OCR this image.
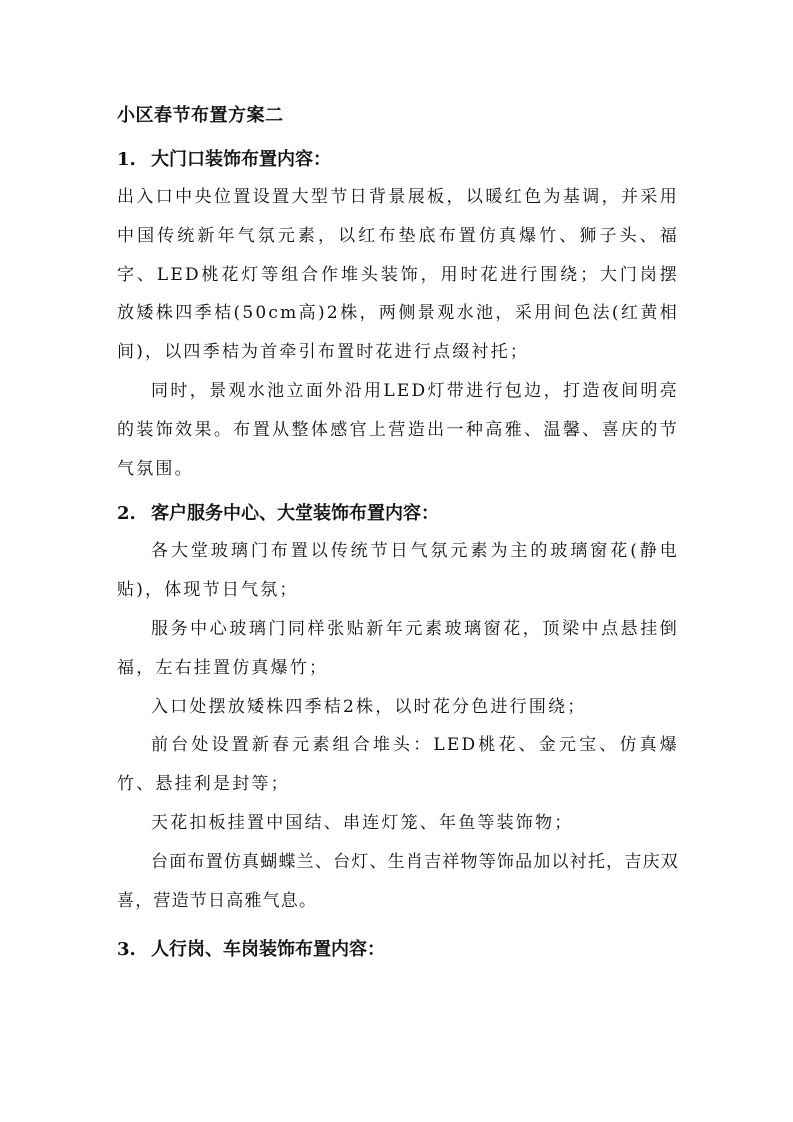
小区春节布置方案二
1. 大门口装饰布置内容：

出入口中央位置设置大型节日背景展板，以暖红色为基调，并采用中国传统新年气氛元素，以红布垫底布置仿真爆竹、狮子头、福字、LED桃花灯等组合作堆头装饰，用时花进行围绕；大门岗摆放矮株四季桔(50cm高)2株，两侧景观水池，采用间色法(红黄相间)，以四季桔为首牵引布置时花进行点缀衬托；

同时，景观水池立面外沿用LED灯带进行包边，打造夜间明亮的装饰效果。布置从整体感官上营造出一种高雅、温馨、喜庆的节气氛围。

2. 客户服务中心、大堂装饰布置内容：

各大堂玻璃门布置以传统节日气氛元素为主的玻璃窗花(静电贴)，体现节日气氛；

服务中心玻璃门同样张贴新年元素玻璃窗花，顶梁中点悬挂倒福，左右挂置仿真爆竹；

入口处摆放矮株四季桔2株，以时花分色进行围绕；

前台处设置新春元素组合堆头：LED桃花、金元宝、仿真爆竹、悬挂利是封等；

天花扣板挂置中国结、串连灯笼、年鱼等装饰物；

台面布置仿真蝴蝶兰、台灯、生肖吉祥物等饰品加以衬托，吉庆双喜，营造节日高雅气息。

3. 人行岗、车岗装饰布置内容：
